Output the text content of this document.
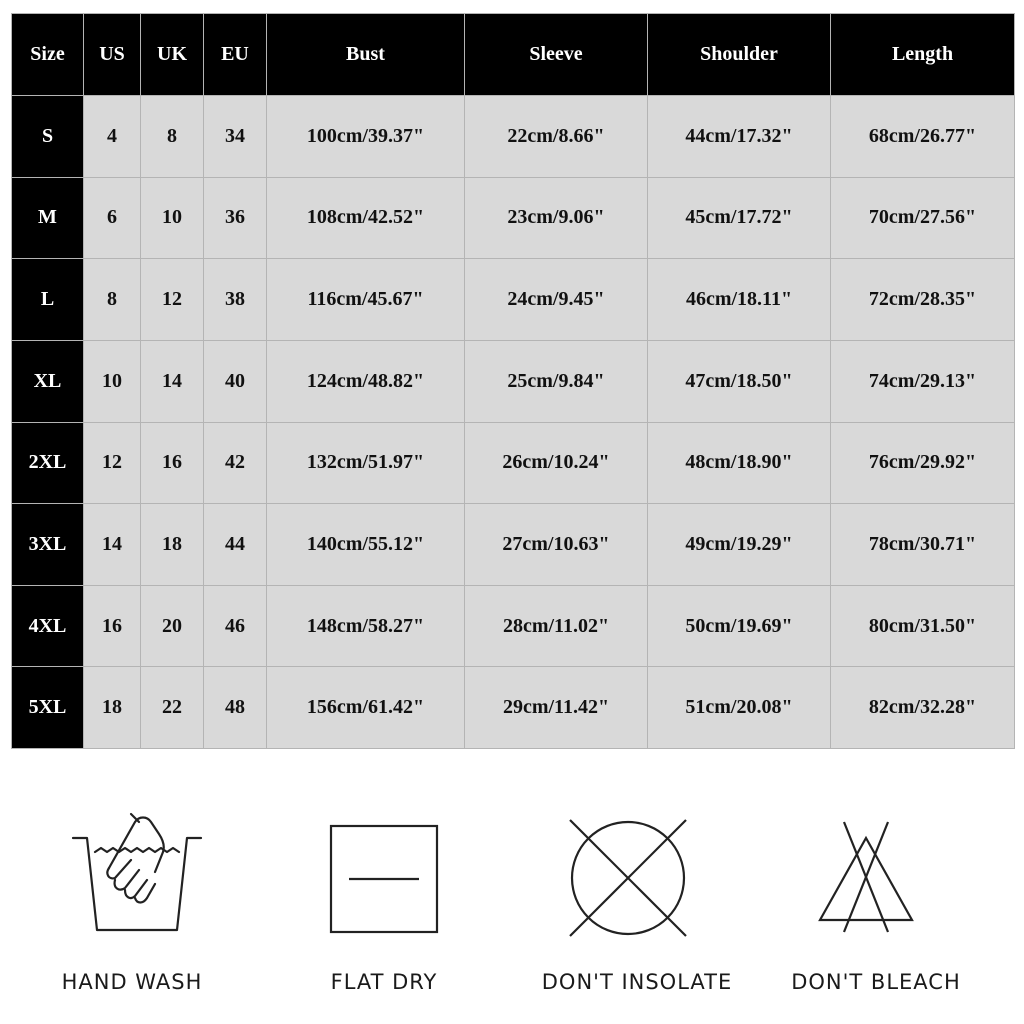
Size	US	UK	EU	Bust	Sleeve	Shoulder	Length
S	4	8	34	100cm/39.37"	22cm/8.66"	44cm/17.32"	68cm/26.77"
M	6	10	36	108cm/42.52"	23cm/9.06"	45cm/17.72"	70cm/27.56"
L	8	12	38	116cm/45.67"	24cm/9.45"	46cm/18.11"	72cm/28.35"
XL	10	14	40	124cm/48.82"	25cm/9.84"	47cm/18.50"	74cm/29.13"
2XL	12	16	42	132cm/51.97"	26cm/10.24"	48cm/18.90"	76cm/29.92"
3XL	14	18	44	140cm/55.12"	27cm/10.63"	49cm/19.29"	78cm/30.71"
4XL	16	20	46	148cm/58.27"	28cm/11.02"	50cm/19.69"	80cm/31.50"
5XL	18	22	48	156cm/61.42"	29cm/11.42"	51cm/20.08"	82cm/32.28"
HAND WASH	FLAT DRY	DON'T INSOLATE	DON'T BLEACH
